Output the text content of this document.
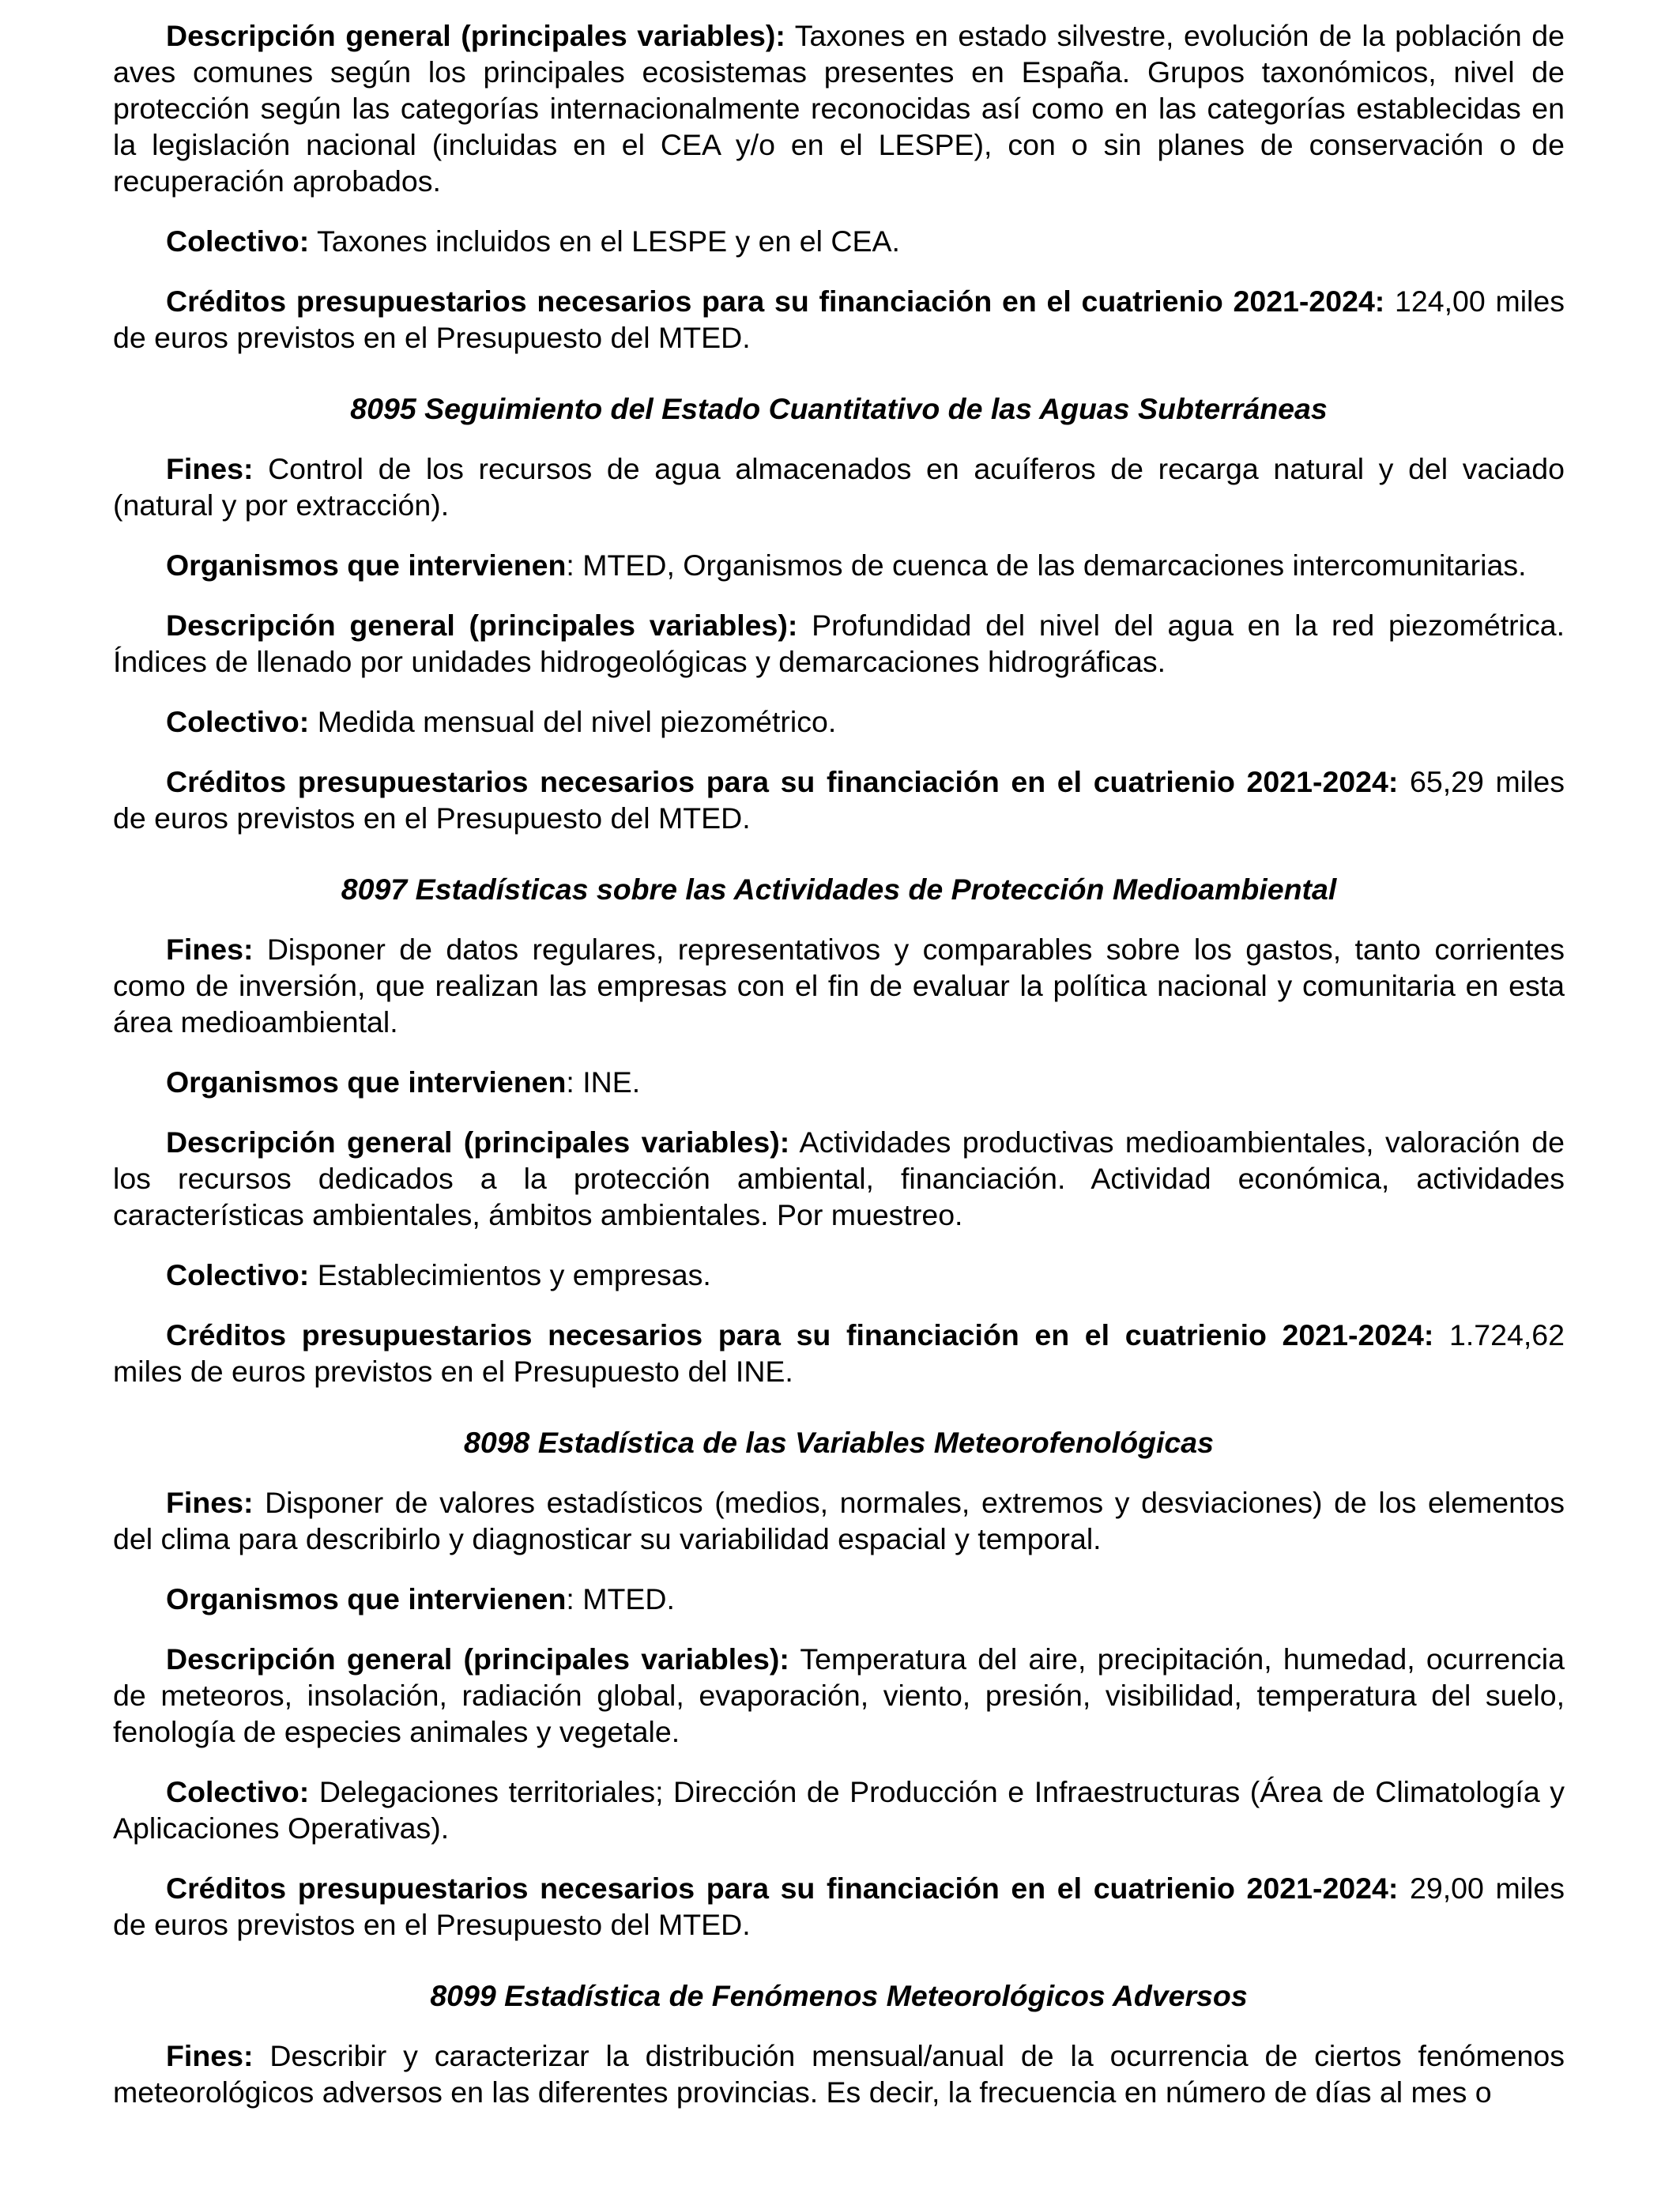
Descripción general (principales variables): Taxones en estado silvestre, evolución de la población de aves comunes según los principales ecosistemas presentes en España. Grupos taxonómicos, nivel de protección según las categorías internacionalmente reconocidas así como en las categorías establecidas en la legislación nacional (incluidas en el CEA y/o en el LESPE), con o sin planes de conservación o de recuperación aprobados.

Colectivo: Taxones incluidos en el LESPE y en el CEA.

Créditos presupuestarios necesarios para su financiación en el cuatrienio 2021-2024: 124,00 miles de euros previstos en el Presupuesto del MTED.

8095 Seguimiento del Estado Cuantitativo de las Aguas Subterráneas

Fines: Control de los recursos de agua almacenados en acuíferos de recarga natural y del vaciado (natural y por extracción).

Organismos que intervienen: MTED, Organismos de cuenca de las demarcaciones intercomunitarias.

Descripción general (principales variables): Profundidad del nivel del agua en la red piezométrica. Índices de llenado por unidades hidrogeológicas y demarcaciones hidrográficas.

Colectivo: Medida mensual del nivel piezométrico.

Créditos presupuestarios necesarios para su financiación en el cuatrienio 2021-2024: 65,29 miles de euros previstos en el Presupuesto del MTED.

8097 Estadísticas sobre las Actividades de Protección Medioambiental

Fines: Disponer de datos regulares, representativos y comparables sobre los gastos, tanto corrientes como de inversión, que realizan las empresas con el fin de evaluar la política nacional y comunitaria en esta área medioambiental.

Organismos que intervienen: INE.

Descripción general (principales variables): Actividades productivas medioambientales, valoración de los recursos dedicados a la protección ambiental, financiación. Actividad económica, actividades características ambientales, ámbitos ambientales. Por muestreo.

Colectivo: Establecimientos y empresas.

Créditos presupuestarios necesarios para su financiación en el cuatrienio 2021-2024: 1.724,62 miles de euros previstos en el Presupuesto del INE.

8098 Estadística de las Variables Meteorofenológicas

Fines: Disponer de valores estadísticos (medios, normales, extremos y desviaciones) de los elementos del clima para describirlo y diagnosticar su variabilidad espacial y temporal.

Organismos que intervienen: MTED.

Descripción general (principales variables): Temperatura del aire, precipitación, humedad, ocurrencia de meteoros, insolación, radiación global, evaporación, viento, presión, visibilidad, temperatura del suelo, fenología de especies animales y vegetale.

Colectivo: Delegaciones territoriales; Dirección de Producción e Infraestructuras (Área de Climatología y Aplicaciones Operativas).

Créditos presupuestarios necesarios para su financiación en el cuatrienio 2021-2024: 29,00 miles de euros previstos en el Presupuesto del MTED.

8099 Estadística de Fenómenos Meteorológicos Adversos

Fines: Describir y caracterizar la distribución mensual/anual de la ocurrencia de ciertos fenómenos meteorológicos adversos en las diferentes provincias. Es decir, la frecuencia en número de días al mes o
